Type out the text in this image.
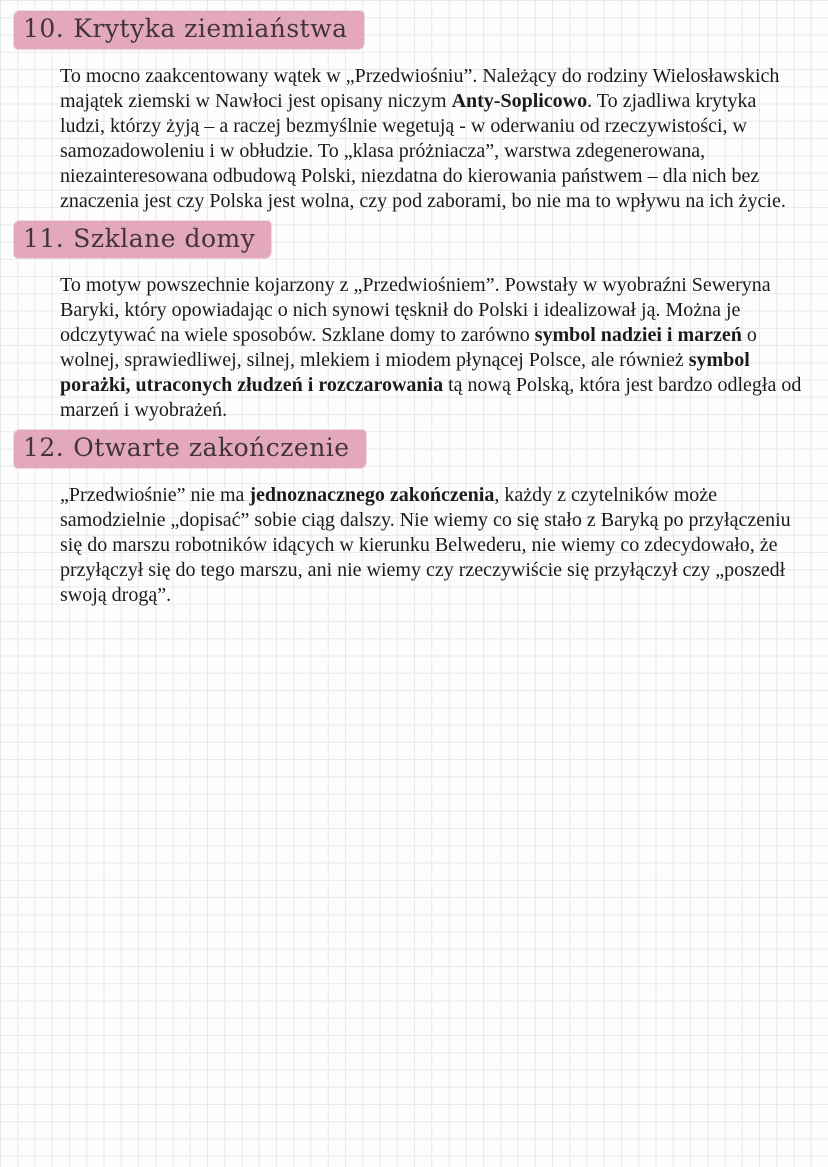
10. Krytyka ziemiaństwa

To mocno zaakcentowany wątek w „Przedwiośniu”. Należący do rodziny Wielosławskich majątek ziemski w Nawłoci jest opisany niczym Anty-Soplicowo. To zjadliwa krytyka ludzi, którzy żyją – a raczej bezmyślnie wegetują - w oderwaniu od rzeczywistości, w samozadowoleniu i w obłudzie. To „klasa próżniacza”, warstwa zdegenerowana, niezainteresowana odbudową Polski, niezdatna do kierowania państwem – dla nich bez znaczenia jest czy Polska jest wolna, czy pod zaborami, bo nie ma to wpływu na ich życie.

11. Szklane domy

To motyw powszechnie kojarzony z „Przedwiośniem”. Powstały w wyobraźni Seweryna Baryki, który opowiadając o nich synowi tęsknił do Polski i idealizował ją. Można je odczytywać na wiele sposobów. Szklane domy to zarówno symbol nadziei i marzeń o wolnej, sprawiedliwej, silnej, mlekiem i miodem płynącej Polsce, ale również symbol porażki, utraconych złudzeń i rozczarowania tą nową Polską, która jest bardzo odległa od marzeń i wyobrażeń.

12. Otwarte zakończenie

„Przedwiośnie” nie ma jednoznacznego zakończenia, każdy z czytelników może samodzielnie „dopisać” sobie ciąg dalszy. Nie wiemy co się stało z Baryką po przyłączeniu się do marszu robotników idących w kierunku Belwederu, nie wiemy co zdecydowało, że przyłączył się do tego marszu, ani nie wiemy czy rzeczywiście się przyłączył czy „poszedł swoją drogą”.
